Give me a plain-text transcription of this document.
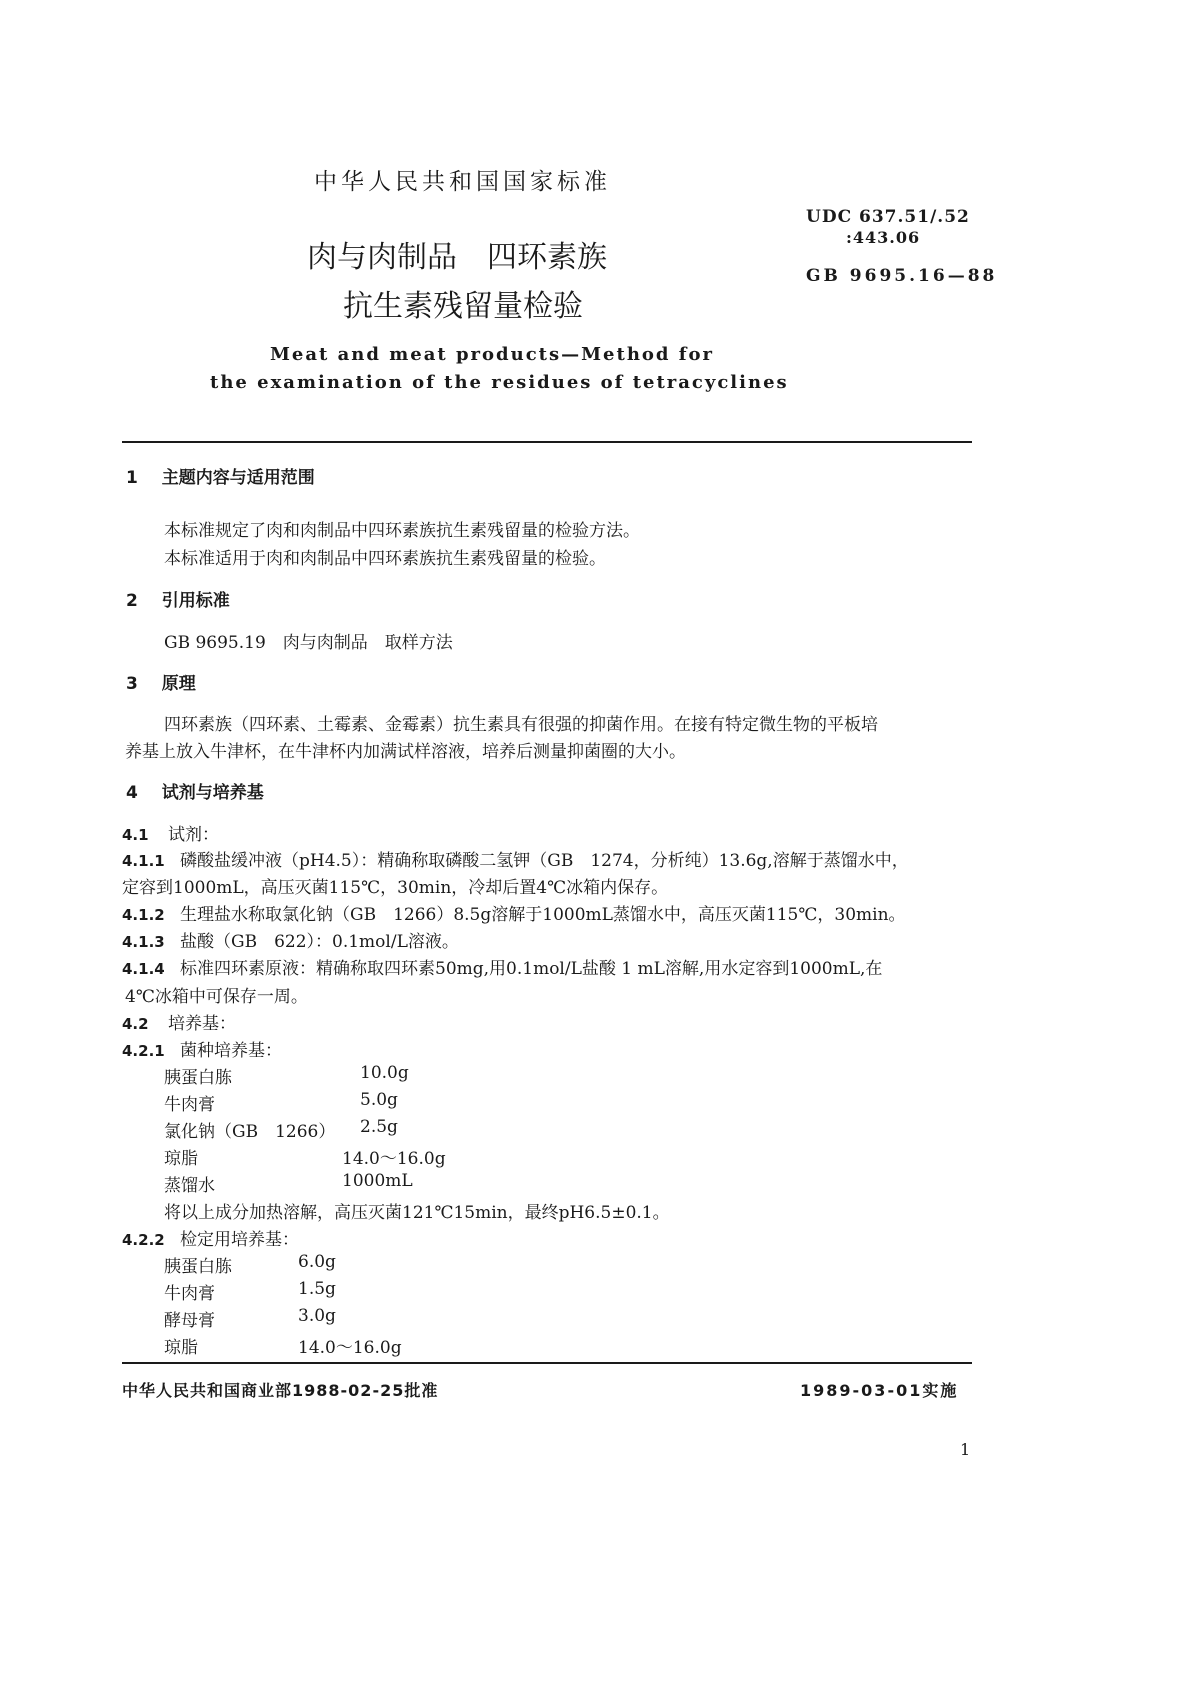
中华人民共和国国家标准
肉与肉制品　四环素族
抗生素残留量检验
UDC 637.51/.52
:443.06
GB 9695.16—88
Meat and meat products—Method for
the examination of the residues of tetracyclines
1 主题内容与适用范围
本标准规定了肉和肉制品中四环素族抗生素残留量的检验方法。
本标准适用于肉和肉制品中四环素族抗生素残留量的检验。
2 引用标准
GB 9695.19　肉与肉制品　取样方法
3 原理
四环素族（四环素、土霉素、金霉素）抗生素具有很强的抑菌作用。在接有特定微生物的平板培
养基上放入牛津杯，在牛津杯内加满试样溶液，培养后测量抑菌圈的大小。
4 试剂与培养基
4.1 试剂：
4.1.1 磷酸盐缓冲液（pH4.5）：精确称取磷酸二氢钾（GB　1274，分析纯）13.6g,溶解于蒸馏水中，
定容到1000mL，高压灭菌115℃，30min，冷却后置4℃冰箱内保存。
4.1.2 生理盐水称取氯化钠（GB　1266）8.5g溶解于1000mL蒸馏水中，高压灭菌115℃，30min。
4.1.3 盐酸（GB　622）：0.1mol/L溶液。
4.1.4 标准四环素原液：精确称取四环素50mg,用0.1mol/L盐酸 1 mL溶解,用水定容到1000mL,在
4℃冰箱中可保存一周。
4.2 培养基：
4.2.1 菌种培养基：
胰蛋白胨	10.0g
牛肉膏	5.0g
氯化钠（GB　1266） 2.5g
琼脂	14.0～16.0g
蒸馏水	1000mL
将以上成分加热溶解，高压灭菌121℃15min，最终pH6.5±0.1。
4.2.2 检定用培养基：
胰蛋白胨	6.0g
牛肉膏	1.5g
酵母膏	3.0g
琼脂	14.0～16.0g
中华人民共和国商业部1988-02-25批准	1989-03-01实施
1
